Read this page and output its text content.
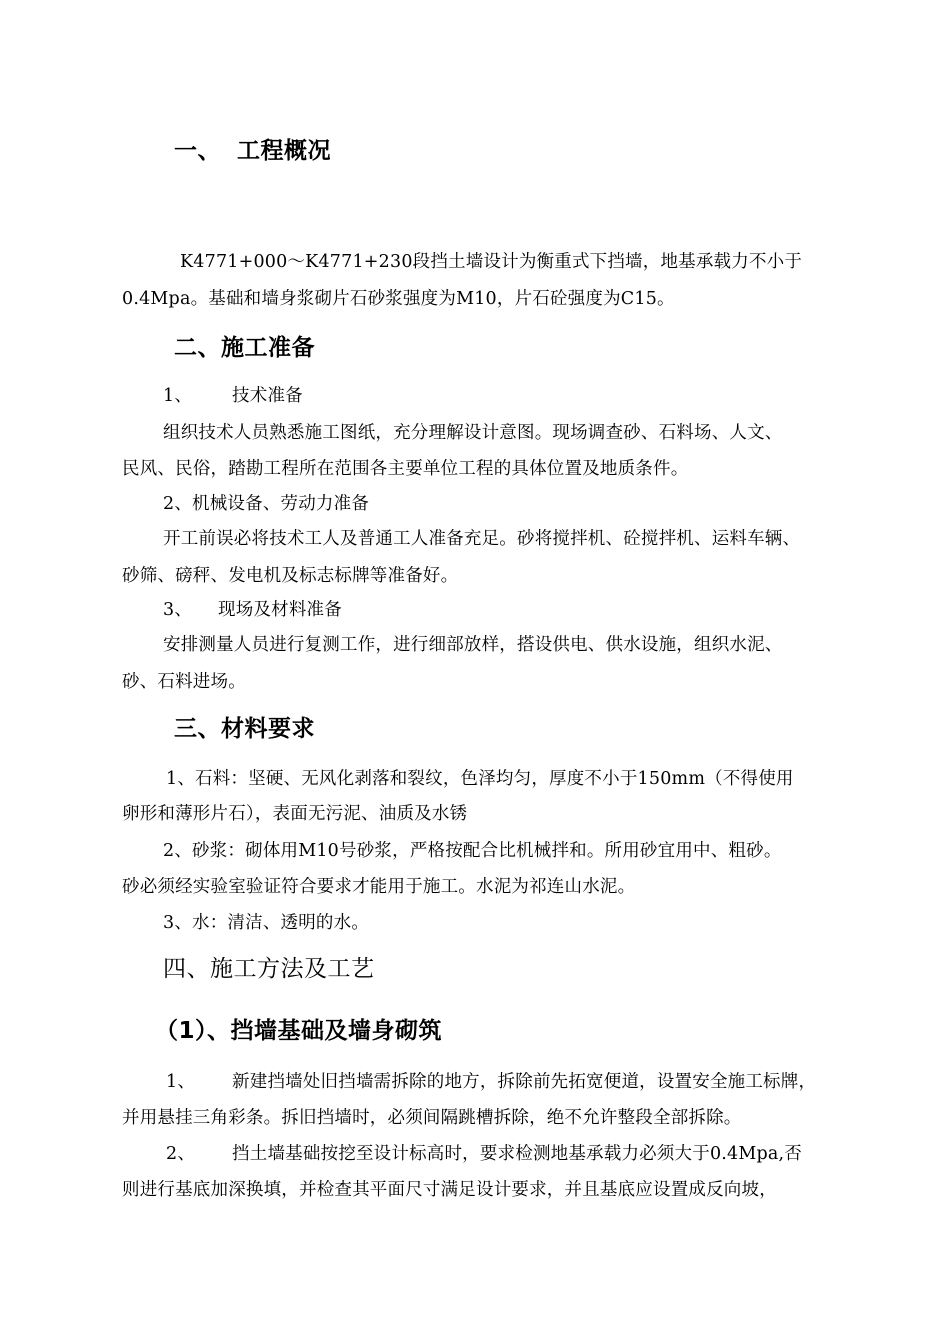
一、 工程概况
K4771+000～K4771+230段挡土墙设计为衡重式下挡墙，地基承载力不小于
0.4Mpa。基础和墙身浆砌片石砂浆强度为M10，片石砼强度为C15。
二、施工准备
1、 技术准备
组织技术人员熟悉施工图纸，充分理解设计意图。现场调查砂、石料场、人文、
民风、民俗，踏勘工程所在范围各主要单位工程的具体位置及地质条件。
2、机械设备、劳动力准备
开工前误必将技术工人及普通工人准备充足。砂将搅拌机、砼搅拌机、运料车辆、
砂筛、磅秤、发电机及标志标牌等准备好。
3、 现场及材料准备
安排测量人员进行复测工作，进行细部放样，搭设供电、供水设施，组织水泥、
砂、石料进场。
三、材料要求
1、石料：坚硬、无风化剥落和裂纹，色泽均匀，厚度不小于150mm（不得使用
卵形和薄形片石），表面无污泥、油质及水锈
2、砂浆：砌体用M10号砂浆，严格按配合比机械拌和。所用砂宜用中、粗砂。
砂必须经实验室验证符合要求才能用于施工。水泥为祁连山水泥。
3、水：清洁、透明的水。
四、施工方法及工艺
（1）、挡墙基础及墙身砌筑
1、 新建挡墙处旧挡墙需拆除的地方，拆除前先拓宽便道，设置安全施工标牌，
并用悬挂三角彩条。拆旧挡墙时，必须间隔跳槽拆除，绝不允许整段全部拆除。
2、 挡土墙基础按挖至设计标高时，要求检测地基承载力必须大于0.4Mpa,否
则进行基底加深换填，并检查其平面尺寸满足设计要求，并且基底应设置成反向坡，
